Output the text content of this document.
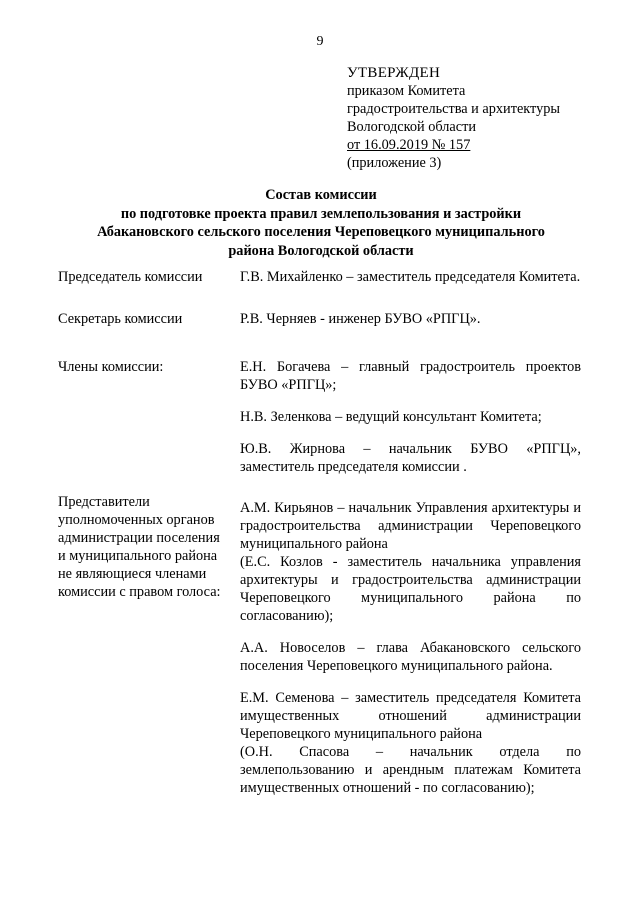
9
УТВЕРЖДЕН
приказом Комитета
градостроительства и архитектуры
Вологодской области
от 16.09.2019 № 157
(приложение 3)
Состав комиссии
по подготовке проекта правил землепользования и застройки
Абакановского сельского поселения Череповецкого муниципального
района Вологодской области
Председатель комиссии	Г.В. Михайленко – заместитель председателя Комитета.
Секретарь комиссии	Р.В. Черняев - инженер БУВО «РПГЦ».
Члены комиссии:	Е.Н. Богачева – главный градостроитель проектов БУВО «РПГЦ»;

Н.В. Зеленкова – ведущий консультант Комитета;

Ю.В. Жирнова – начальник БУВО «РПГЦ», заместитель председателя комиссии .

Представители уполномоченных органов администрации поселения и муниципального района не являющиеся членами комиссии с правом голоса:

А.М. Кирьянов – начальник Управления архитектуры и градостроительства администрации Череповецкого муниципального района

(Е.С. Козлов - заместитель начальника управления архитектуры и градостроительства администрации Череповецкого муниципального района по согласованию);

А.А. Новоселов – глава Абакановского сельского поселения Череповецкого муниципального района.

Е.М. Семенова – заместитель председателя Комитета имущественных отношений администрации Череповецкого муниципального района

(О.Н. Спасова – начальник отдела по землепользованию и арендным платежам Комитета имущественных отношений - по согласованию);
